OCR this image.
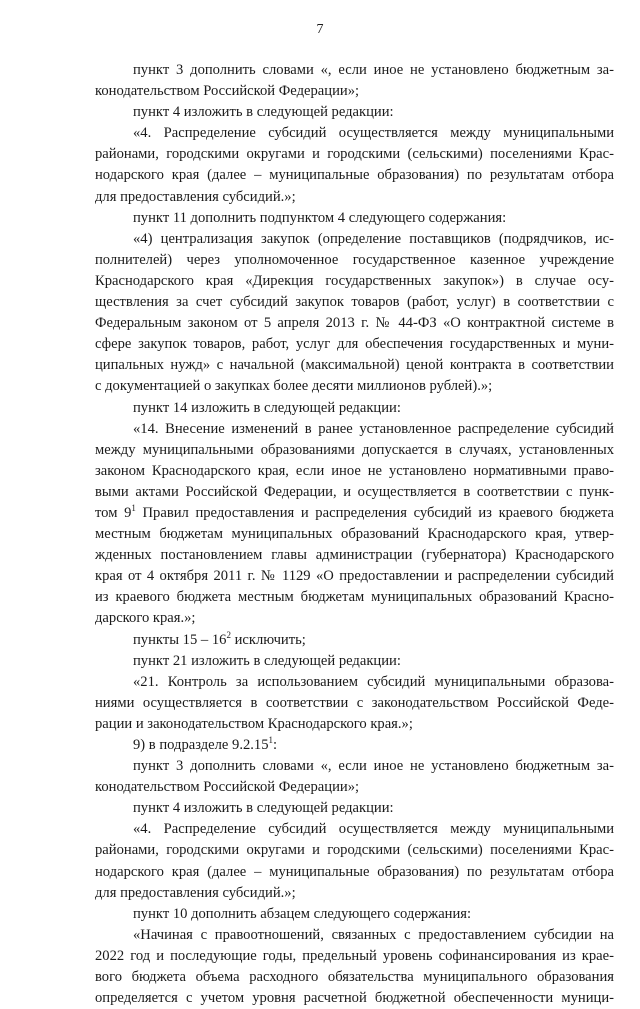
7
пункт 3 дополнить словами «, если иное не установлено бюджетным за-
конодательством Российской Федерации»;
пункт 4 изложить в следующей редакции:
«4. Распределение субсидий осуществляется между муниципальными
районами, городскими округами и городскими (сельскими) поселениями Крас-
нодарского края (далее – муниципальные образования) по результатам отбора
для предоставления субсидий.»;
пункт 11 дополнить подпунктом 4 следующего содержания:
«4) централизация закупок (определение поставщиков (подрядчиков, ис-
полнителей) через уполномоченное государственное казенное учреждение
Краснодарского края «Дирекция государственных закупок») в случае осу-
ществления за счет субсидий закупок товаров (работ, услуг) в соответствии с
Федеральным законом от 5 апреля 2013 г. № 44-ФЗ «О контрактной системе в
сфере закупок товаров, работ, услуг для обеспечения государственных и муни-
ципальных нужд» с начальной (максимальной) ценой контракта в соответствии
с документацией о закупках более десяти миллионов рублей).»;
пункт 14 изложить в следующей редакции:
«14. Внесение изменений в ранее установленное распределение субсидий
между муниципальными образованиями допускается в случаях, установленных
законом Краснодарского края, если иное не установлено нормативными право-
выми актами Российской Федерации, и осуществляется в соответствии с пунк-
том $9^1$ Правил предоставления и распределения субсидий из краевого бюджета
местным бюджетам муниципальных образований Краснодарского края, утвер-
жденных постановлением главы администрации (губернатора) Краснодарского
края от 4 октября 2011 г. № 1129 «О предоставлении и распределении субсидий
из краевого бюджета местным бюджетам муниципальных образований Красно-
дарского края.»;
пункты $15 - 16^2$ исключить;
пункт 21 изложить в следующей редакции:
«21. Контроль за использованием субсидий муниципальными образова-
ниями осуществляется в соответствии с законодательством Российской Феде-
рации и законодательством Краснодарского края.»;
9) в подразделе 9.2.15$^1$:
пункт 3 дополнить словами «, если иное не установлено бюджетным за-
конодательством Российской Федерации»;
пункт 4 изложить в следующей редакции:
«4. Распределение субсидий осуществляется между муниципальными
районами, городскими округами и городскими (сельскими) поселениями Крас-
нодарского края (далее – муниципальные образования) по результатам отбора
для предоставления субсидий.»;
пункт 10 дополнить абзацем следующего содержания:
«Начиная с правоотношений, связанных с предоставлением субсидии на
2022 год и последующие годы, предельный уровень софинансирования из крае-
вого бюджета объема расходного обязательства муниципального образования
определяется с учетом уровня расчетной бюджетной обеспеченности муници-
